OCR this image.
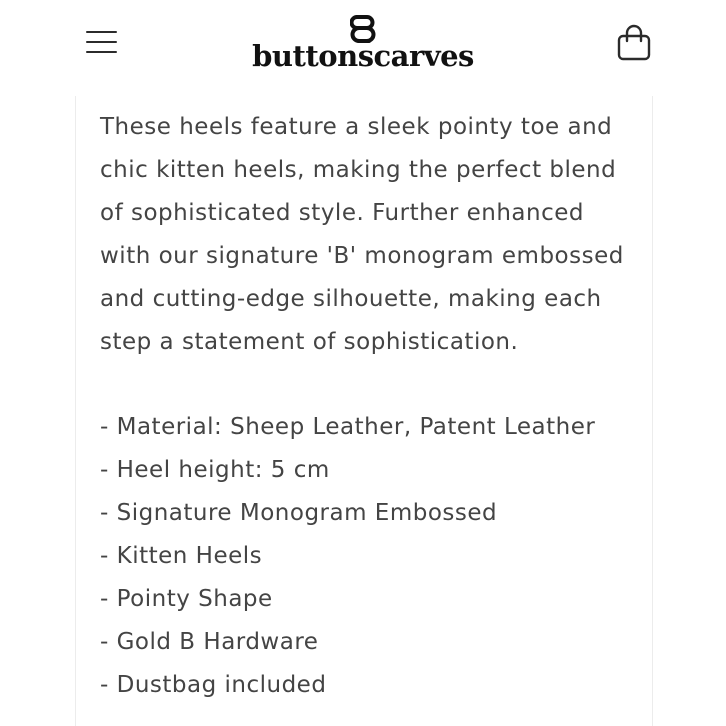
buttonscarves

These heels feature a sleek pointy toe and
chic kitten heels, making the perfect blend
of sophisticated style. Further enhanced
with our signature 'B' monogram embossed
and cutting-edge silhouette, making each
step a statement of sophistication.

- Material: Sheep Leather, Patent Leather
- Heel height: 5 cm
- Signature Monogram Embossed
- Kitten Heels
- Pointy Shape
- Gold B Hardware
- Dustbag included
